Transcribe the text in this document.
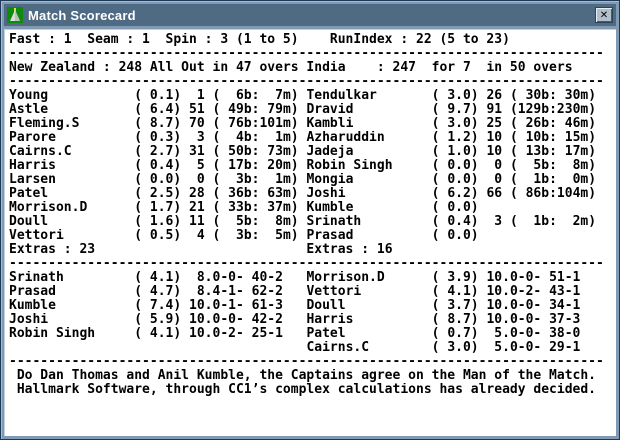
Match Scorecard	✕
Fast : 1  Seam : 1  Spin : 3 (1 to 5)    RunIndex : 22 (5 to 23)
----------------------------------------------------------------------------
New Zealand : 248 All Out in 47 overs India    : 247  for 7  in 50 overs
----------------------------------------------------------------------------
Young           ( 0.1)  1 (  6b:  7m) Tendulkar       ( 3.0) 26 ( 30b: 30m)
Astle           ( 6.4) 51 ( 49b: 79m) Dravid          ( 9.7) 91 (129b:230m)
Fleming.S       ( 8.7) 70 ( 76b:101m) Kambli          ( 3.0) 25 ( 26b: 46m)
Parore          ( 0.3)  3 (  4b:  1m) Azharuddin      ( 1.2) 10 ( 10b: 15m)
Cairns.C        ( 2.7) 31 ( 50b: 73m) Jadeja          ( 1.0) 10 ( 13b: 17m)
Harris          ( 0.4)  5 ( 17b: 20m) Robin Singh     ( 0.0)  0 (  5b:  8m)
Larsen          ( 0.0)  0 (  3b:  1m) Mongia          ( 0.0)  0 (  1b:  0m)
Patel           ( 2.5) 28 ( 36b: 63m) Joshi           ( 6.2) 66 ( 86b:104m)
Morrison.D      ( 1.7) 21 ( 33b: 37m) Kumble          ( 0.0)
Doull           ( 1.6) 11 (  5b:  8m) Srinath         ( 0.4)  3 (  1b:  2m)
Vettori         ( 0.5)  4 (  3b:  5m) Prasad          ( 0.0)
Extras : 23                           Extras : 16
----------------------------------------------------------------------------
Srinath         ( 4.1)  8.0-0- 40-2   Morrison.D      ( 3.9) 10.0-0- 51-1
Prasad          ( 4.7)  8.4-1- 62-2   Vettori         ( 4.1) 10.0-2- 43-1
Kumble          ( 7.4) 10.0-1- 61-3   Doull           ( 3.7) 10.0-0- 34-1
Joshi           ( 5.9) 10.0-0- 42-2   Harris          ( 8.7) 10.0-0- 37-3
Robin Singh     ( 4.1) 10.0-2- 25-1   Patel           ( 0.7)  5.0-0- 38-0
Cairns.C        ( 3.0)  5.0-0- 29-1
----------------------------------------------------------------------------
Do Dan Thomas and Anil Kumble, the Captains agree on the Man of the Match.
Hallmark Software, through CC1’s complex calculations has already decided.
